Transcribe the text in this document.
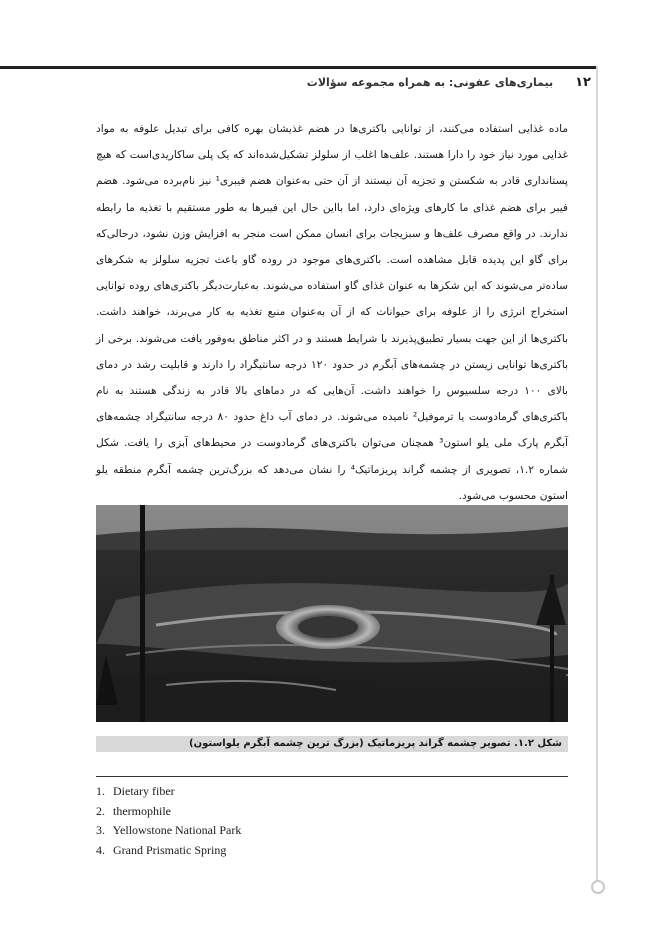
۱۲
بیماری‌های عفونی: به همراه مجموعه سؤالات

ماده غذایی استفاده می‌کنند، از توانایی باکتری‌ها در هضم غذیشان بهره کافی برای تبدیل علوفه به مواد غذایی مورد نیاز خود را دارا هستند. علف‌ها اغلب از سلولز تشکیل‌شده‌اند که یک پلی ساکاریدی‌است که هیچ پستانداری قادر به شکستن و تجزیه آن نیستند از آن حتی به‌عنوان هضم فیبری¹ نیز نام‌برده می‌شود. هضم فیبر برای هضم غذای ما کارهای ویژه‌ای دارد، اما بااین حال این فیبرها به طور مستقیم با تغذیه ما رابطه ندارند. در واقع مصرف علف‌ها و سبزیجات برای انسان ممکن است منجر به افزایش وزن نشود، درحالی‌که برای گاو این پدیده قابل مشاهده است. باکتری‌های موجود در روده گاو باعث تجزیه سلولز به شکرهای ساده‌تر می‌شوند که این شکرها به عنوان غذای گاو استفاده می‌شوند. به‌عبارت‌دیگر باکتری‌های روده توانایی استخراج انرژی را از علوفه برای حیوانات که از آن به‌عنوان منبع تغذیه به کار می‌برند، خواهند داشت. باکتری‌ها از این جهت بسیار تطبیق‌پذیرند با شرایط هستند و در اکثر مناطق به‌وفور یافت می‌شوند. برخی از باکتری‌ها توانایی زیستن در چشمه‌های آبگرم در حدود ۱۲۰ درجه سانتیگراد را دارند و قابلیت رشد در دمای بالای ۱۰۰ درجه سلسیوس را خواهند داشت. آن‌هایی که در دماهای بالا قادر به زندگی هستند به نام باکتری‌های گرمادوست یا ترموفیل² نامیده می‌شوند. در دمای آب داغ حدود ۸۰ درجه سانتیگراد چشمه‌های آبگرم پارک ملی یلو استون³ همچنان می‌توان باکتری‌های گرمادوست در محیط‌های آبزی را یافت. شکل شماره ۱.۲، تصویری از چشمه گراند پریزماتیک⁴ را نشان می‌دهد که بزرگ‌ترین چشمه آبگرم منطقه یلو استون محسوب می‌شود.

شکل ۱.۲. تصویر چشمه گراند پریزماتیک (بزرگ ترین چشمه آبگرم یلواستون)
1. Dietary fiber
2. thermophile
3. Yellowstone National Park
4. Grand Prismatic Spring
